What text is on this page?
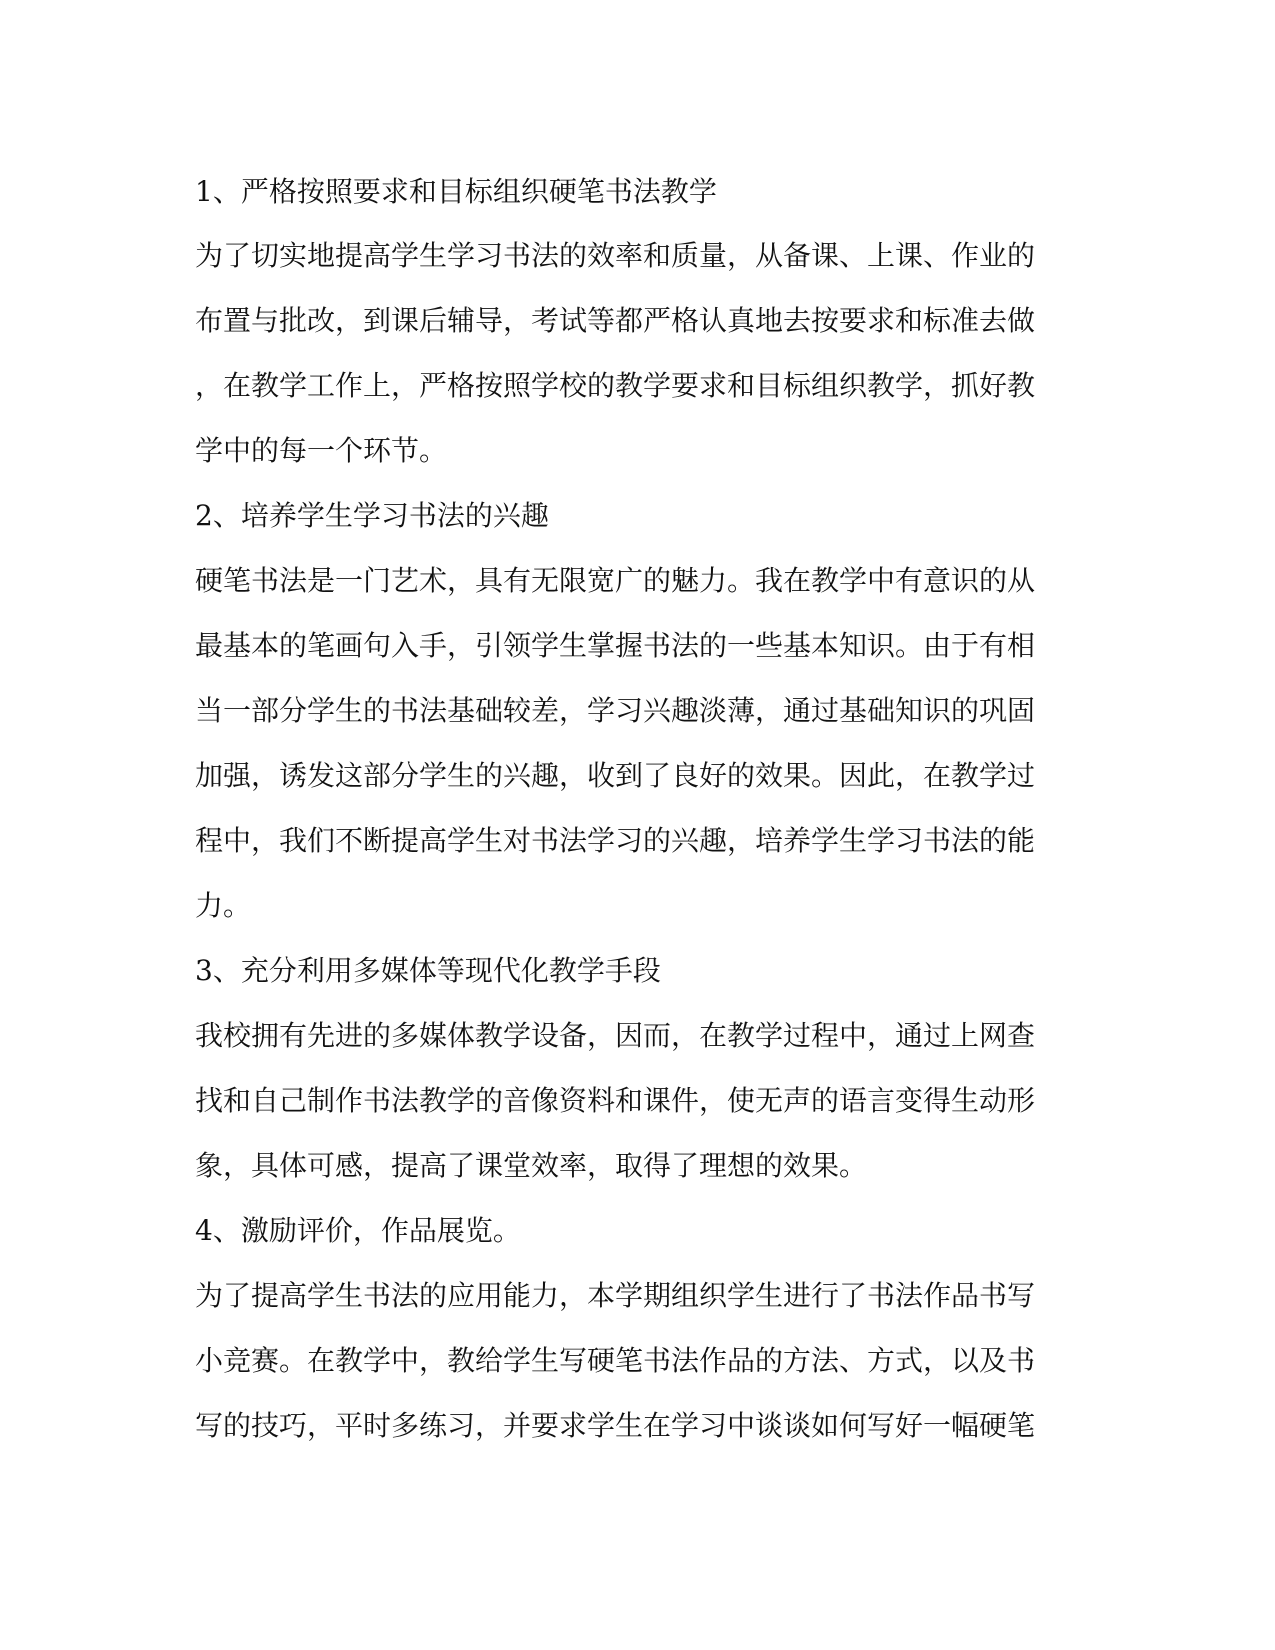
1、严格按照要求和目标组织硬笔书法教学

为了切实地提高学生学习书法的效率和质量，从备课、上课、作业的

布置与批改，到课后辅导，考试等都严格认真地去按要求和标准去做

，在教学工作上，严格按照学校的教学要求和目标组织教学，抓好教

学中的每一个环节。

2、培养学生学习书法的兴趣

硬笔书法是一门艺术，具有无限宽广的魅力。我在教学中有意识的从

最基本的笔画句入手，引领学生掌握书法的一些基本知识。由于有相

当一部分学生的书法基础较差，学习兴趣淡薄，通过基础知识的巩固

加强，诱发这部分学生的兴趣，收到了良好的效果。因此，在教学过

程中，我们不断提高学生对书法学习的兴趣，培养学生学习书法的能

力。

3、充分利用多媒体等现代化教学手段

我校拥有先进的多媒体教学设备，因而，在教学过程中，通过上网查

找和自己制作书法教学的音像资料和课件，使无声的语言变得生动形

象，具体可感，提高了课堂效率，取得了理想的效果。

4、激励评价，作品展览。

为了提高学生书法的应用能力，本学期组织学生进行了书法作品书写

小竞赛。在教学中，教给学生写硬笔书法作品的方法、方式，以及书

写的技巧，平时多练习，并要求学生在学习中谈谈如何写好一幅硬笔
